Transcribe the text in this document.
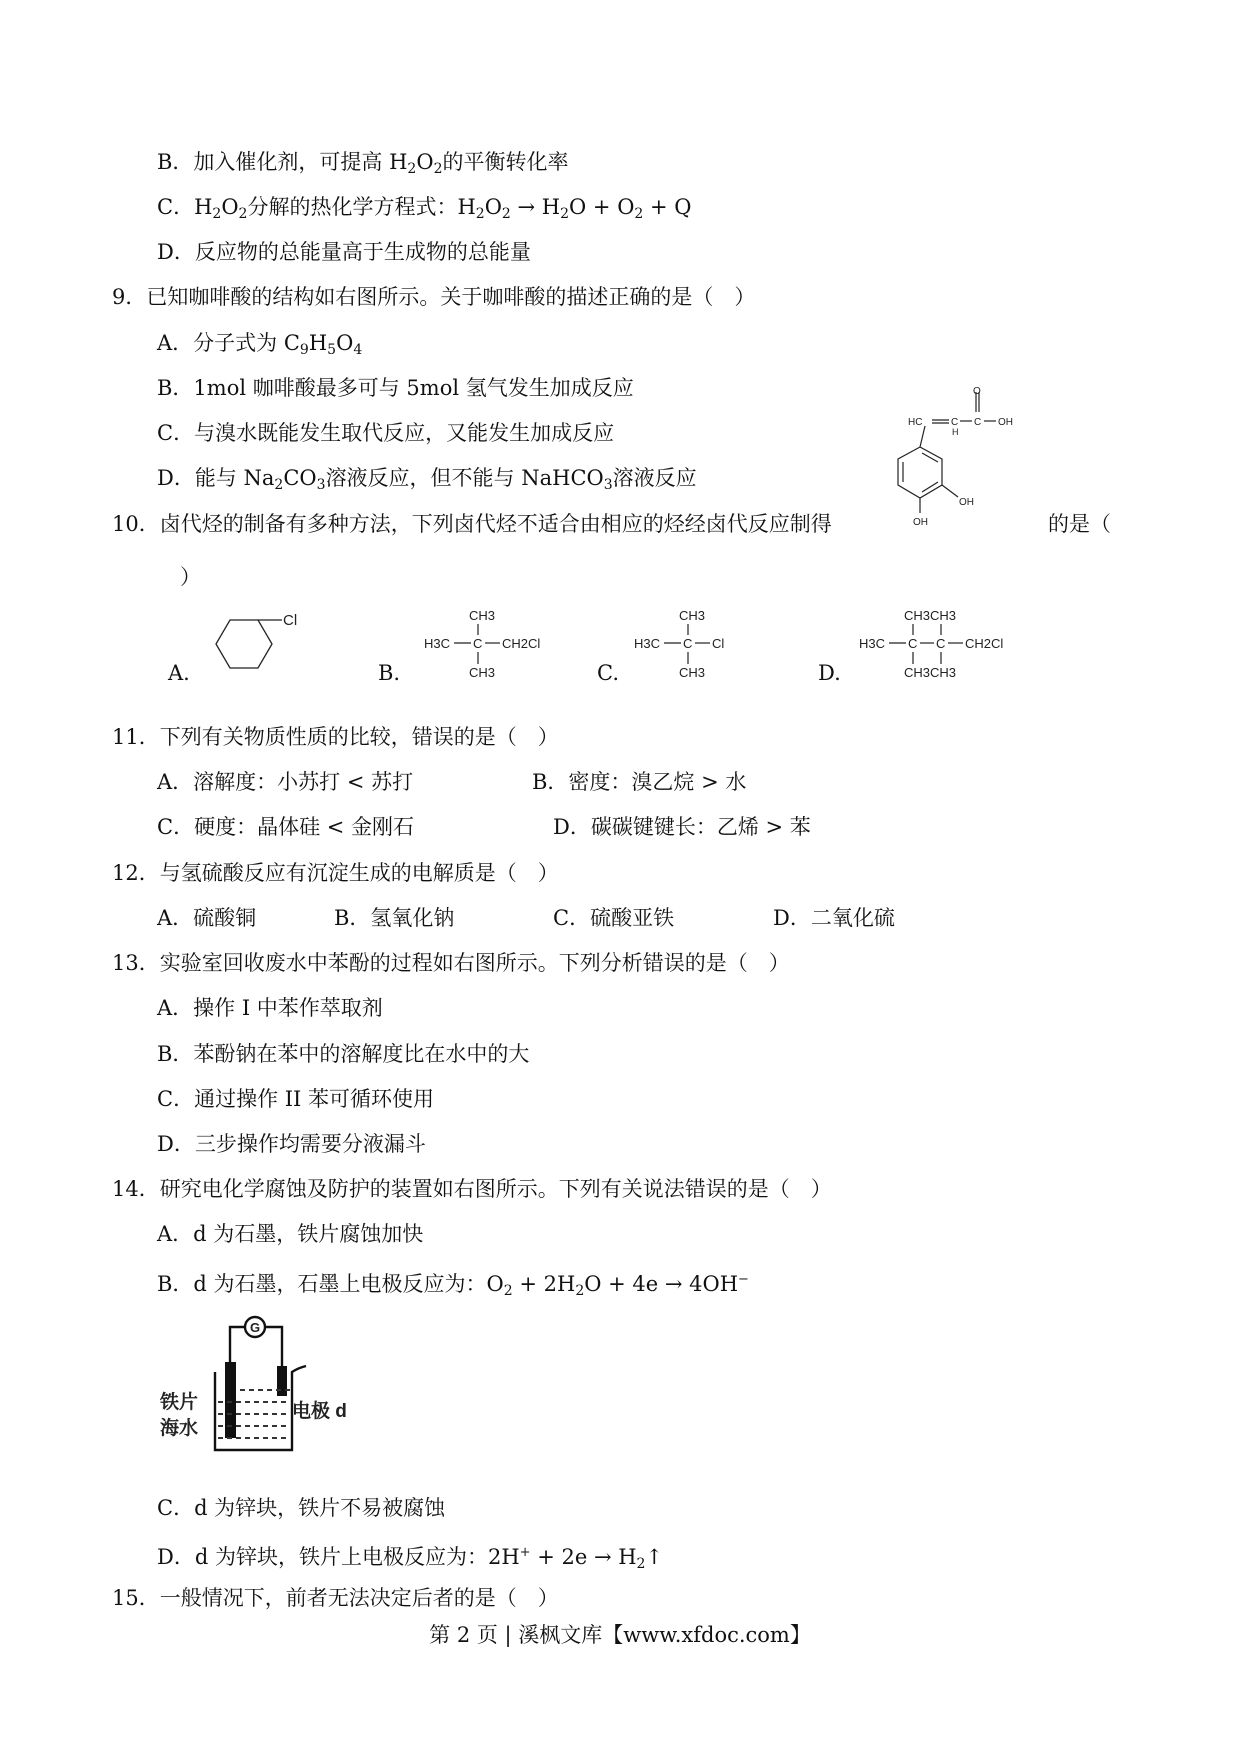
B．加入催化剂，可提高 $H_2O_2$的平衡转化率
C．$H_2O_2$分解的热化学方程式：$H_2O_2 \to H_2O + O_2 + Q$
D．反应物的总能量高于生成物的总能量
9．已知咖啡酸的结构如右图所示。关于咖啡酸的描述正确的是（　）
A．分子式为 $C_9H_5O_4$
B．1mol 咖啡酸最多可与 5mol 氢气发生加成反应
C．与溴水既能发生取代反应，又能发生加成反应
D．能与 $Na_2CO_3$溶液反应，但不能与 NaHCO$_3$溶液反应
O
HC	C
H
C OH
OH
OH
10．卤代烃的制备有多种方法，下列卤代烃不适合由相应的烃经卤代反应制得	的是（
）
A.	B.	C.	D.
Cl	CH3
H3C C CH2Cl
CH3
CH3
H3C C Cl
CH3
CH3CH3
H3C C C CH2Cl
CH3CH3
11．下列有关物质性质的比较，错误的是（　）
A．溶解度：小苏打 < 苏打	B．密度：溴乙烷 > 水
C．硬度：晶体硅 < 金刚石	D．碳碳键键长：乙烯 > 苯
12．与氢硫酸反应有沉淀生成的电解质是（　）
A．硫酸铜	B．氢氧化钠	C．硫酸亚铁	D．二氧化硫
13．实验室回收废水中苯酚的过程如右图所示。下列分析错误的是（　）
A．操作 I 中苯作萃取剂
B．苯酚钠在苯中的溶解度比在水中的大
C．通过操作 II 苯可循环使用
D．三步操作均需要分液漏斗
14．研究电化学腐蚀及防护的装置如右图所示。下列有关说法错误的是（　）
A．d 为石墨，铁片腐蚀加快
B．d 为石墨，石墨上电极反应为：$O_2 + 2H_2O + 4e \to 4OH^-$
G
铁片
海水
电极 d
C．d 为锌块，铁片不易被腐蚀
D．d 为锌块，铁片上电极反应为：$2H^+ + 2e \to H_2↑$
15．一般情况下，前者无法决定后者的是（　）
第 2 页 | 溪枫文库【www.xfdoc.com】
